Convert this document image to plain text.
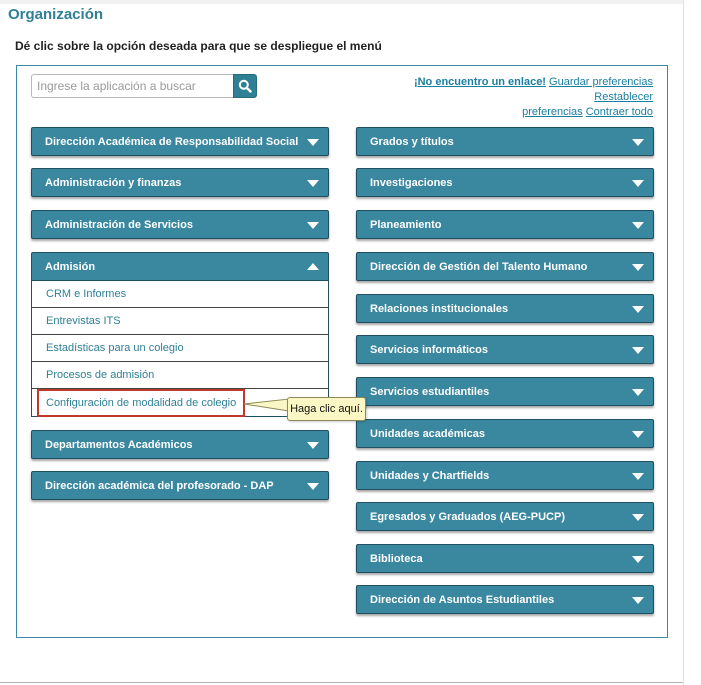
Organización
Dé clic sobre la opción deseada para que se despliegue el menú
Ingrese la aplicación a buscar
¡No encuentro un enlace! Guardar preferencias Restablecer
preferencias Contraer todo
Dirección Académica de Responsabilidad Social
Administración y finanzas
Administración de Servicios
Admisión
CRM e Informes
Entrevistas ITS
Estadísticas para un colegio
Procesos de admisión
Configuración de modalidad de colegio
Departamentos Académicos
Dirección académica del profesorado - DAP
Grados y títulos
Investigaciones
Planeamiento
Dirección de Gestión del Talento Humano
Relaciones institucionales
Servicios informáticos
Servicios estudiantiles
Unidades académicas
Unidades y Chartfields
Egresados y Graduados (AEG-PUCP)
Biblioteca
Dirección de Asuntos Estudiantiles
Haga clic aquí.
